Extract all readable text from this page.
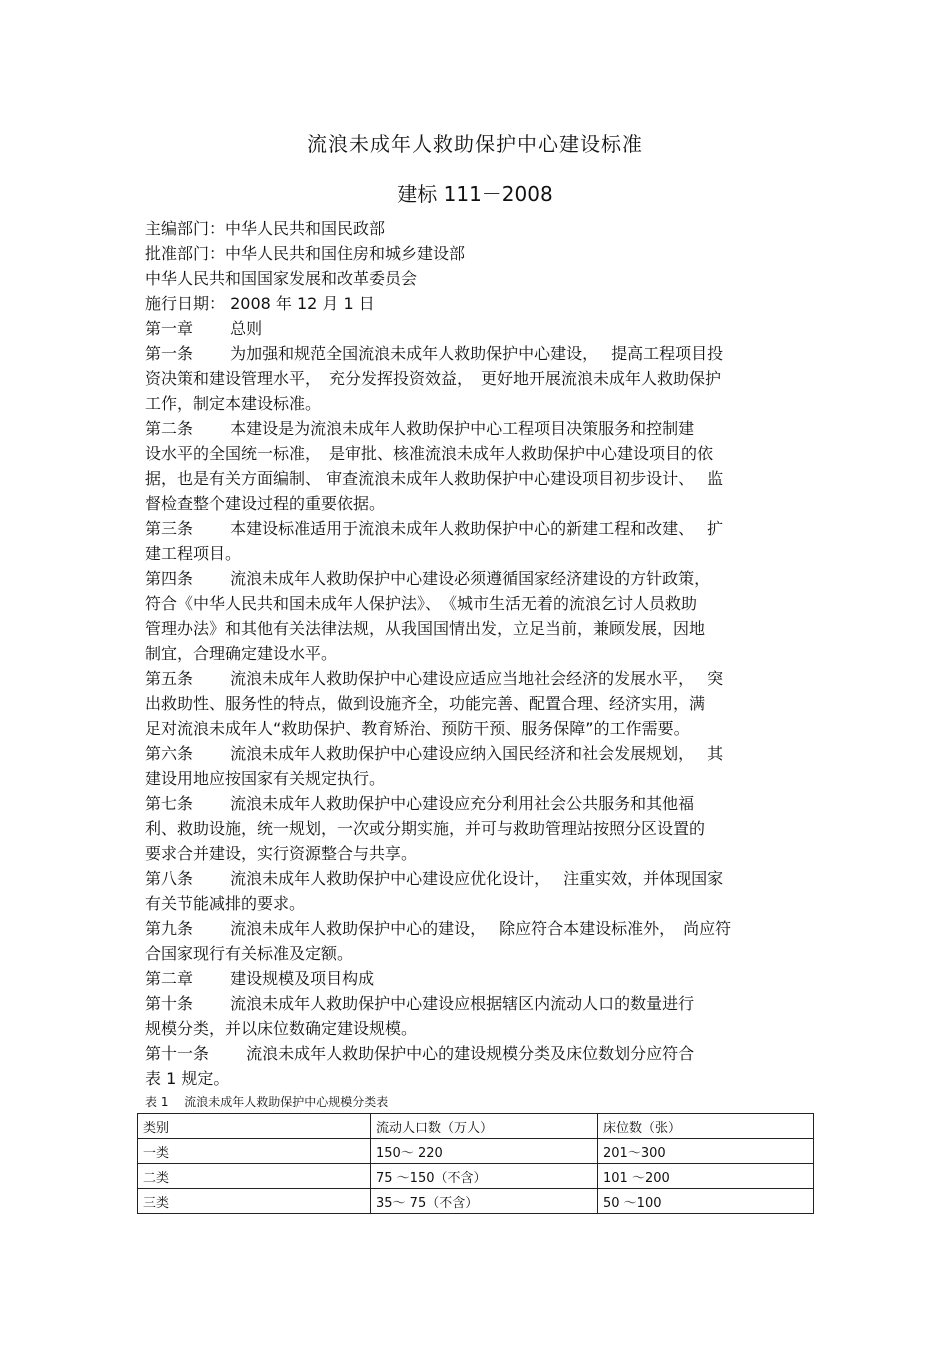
流浪未成年人救助保护中心建设标准
建标 111－2008
主编部门：中华人民共和国民政部
批准部门：中华人民共和国住房和城乡建设部
中华人民共和国国家发展和改革委员会
施行日期： 2008 年 12 月 1 日
第一章　　 总则
第一条　　 为加强和规范全国流浪未成年人救助保护中心建设，　 提高工程项目投
资决策和建设管理水平，　充分发挥投资效益，　更好地开展流浪未成年人救助保护
工作，制定本建设标准。
第二条　　 本建设是为流浪未成年人救助保护中心工程项目决策服务和控制建
设水平的全国统一标准，　是审批、核准流浪未成年人救助保护中心建设项目的依
据，也是有关方面编制、 审查流浪未成年人救助保护中心建设项目初步设计、　 监
督检查整个建设过程的重要依据。
第三条　　 本建设标准适用于流浪未成年人救助保护中心的新建工程和改建、　 扩
建工程项目。
第四条　　 流浪未成年人救助保护中心建设必须遵循国家经济建设的方针政策，
符合《中华人民共和国未成年人保护法》、　《城市生活无着的流浪乞讨人员救助
管理办法》和其他有关法律法规，从我国国情出发，立足当前，兼顾发展，因地
制宜，合理确定建设水平。
第五条　　 流浪未成年人救助保护中心建设应适应当地社会经济的发展水平，　 突
出救助性、服务性的特点，做到设施齐全，功能完善、配置合理、经济实用，满
足对流浪未成年人“救助保护、教育矫治、预防干预、服务保障”的工作需要。
第六条　　 流浪未成年人救助保护中心建设应纳入国民经济和社会发展规划，　 其
建设用地应按国家有关规定执行。
第七条　　 流浪未成年人救助保护中心建设应充分利用社会公共服务和其他福
利、救助设施，统一规划，一次或分期实施，并可与救助管理站按照分区设置的
要求合并建设，实行资源整合与共享。
第八条　　 流浪未成年人救助保护中心建设应优化设计，　 注重实效，并体现国家
有关节能减排的要求。
第九条　　 流浪未成年人救助保护中心的建设，　 除应符合本建设标准外，　尚应符
合国家现行有关标准及定额。
第二章　　 建设规模及项目构成
第十条　　 流浪未成年人救助保护中心建设应根据辖区内流动人口的数量进行
规模分类，并以床位数确定建设规模。
第十一条　　 流浪未成年人救助保护中心的建设规模分类及床位数划分应符合
表 1 规定。
表 1　 流浪未成年人救助保护中心规模分类表
类别	流动人口数（万人）	床位数（张）
一类	150～ 220	201～300
二类	75 ～150（不含）	101 ～200
三类	35～ 75（不含）	50 ～100
